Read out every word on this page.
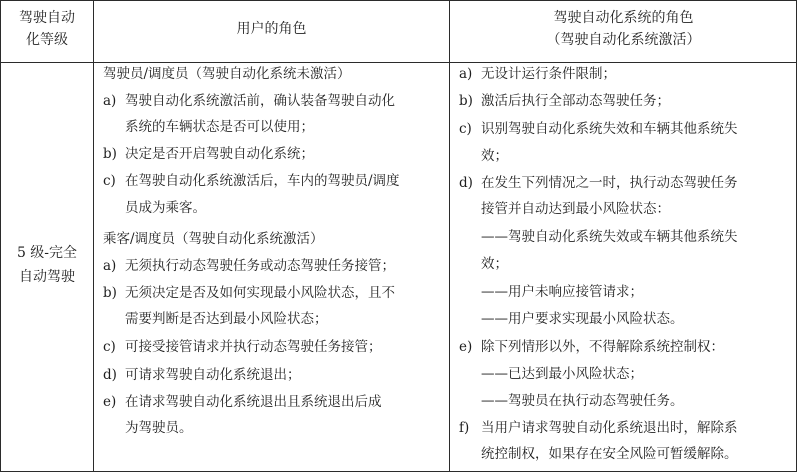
驾驶自动
化等级
用户的角色
驾驶自动化系统的角色
（驾驶自动化系统激活）
5 级-完全
自动驾驶
驾驶员/调度员（驾驶自动化系统未激活）
a) 驾驶自动化系统激活前，确认装备驾驶自动化
系统的车辆状态是否可以使用；
b) 决定是否开启驾驶自动化系统；
c) 在驾驶自动化系统激活后，车内的驾驶员/调度
员成为乘客。
乘客/调度员（驾驶自动化系统激活）
a) 无须执行动态驾驶任务或动态驾驶任务接管；
b) 无须决定是否及如何实现最小风险状态，且不
需要判断是否达到最小风险状态；
c) 可接受接管请求并执行动态驾驶任务接管；
d) 可请求驾驶自动化系统退出；
e) 在请求驾驶自动化系统退出且系统退出后成
为驾驶员。
a) 无设计运行条件限制；
b) 激活后执行全部动态驾驶任务；
c) 识别驾驶自动化系统失效和车辆其他系统失
效；
d) 在发生下列情况之一时，执行动态驾驶任务
接管并自动达到最小风险状态：
——驾驶自动化系统失效或车辆其他系统失
效；
——用户未响应接管请求；
——用户要求实现最小风险状态。
e) 除下列情形以外，不得解除系统控制权：
——已达到最小风险状态；
——驾驶员在执行动态驾驶任务。
f) 当用户请求驾驶自动化系统退出时，解除系
统控制权，如果存在安全风险可暂缓解除。
